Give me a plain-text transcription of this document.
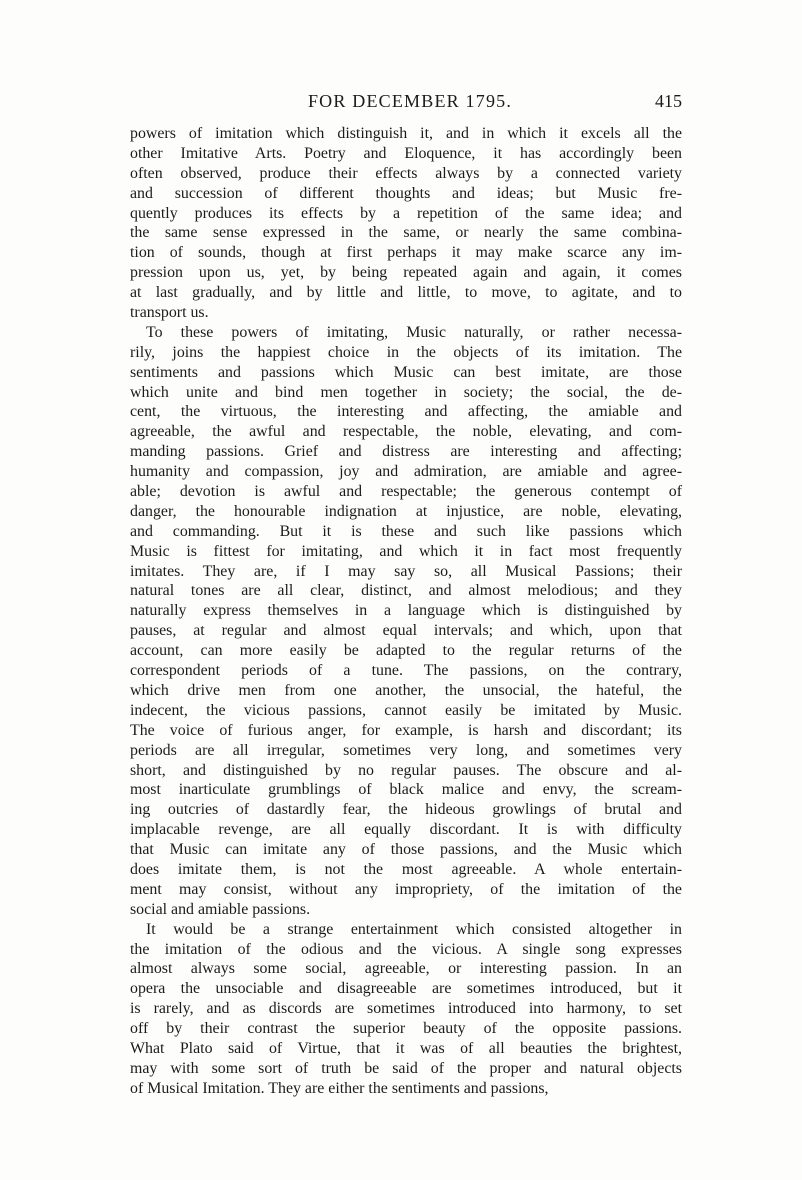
FOR DECEMBER 1795.	415
powers of imitation which distinguish it, and in which it excels all the
other Imitative Arts. Poetry and Eloquence, it has accordingly been
often observed, produce their effects always by a connected variety
and succession of different thoughts and ideas; but Music fre-
quently produces its effects by a repetition of the same idea; and
the same sense expressed in the same, or nearly the same combina-
tion of sounds, though at first perhaps it may make scarce any im-
pression upon us, yet, by being repeated again and again, it comes
at last gradually, and by little and little, to move, to agitate, and to
transport us.
To these powers of imitating, Music naturally, or rather necessa-
rily, joins the happiest choice in the objects of its imitation. The
sentiments and passions which Music can best imitate, are those
which unite and bind men together in society; the social, the de-
cent, the virtuous, the interesting and affecting, the amiable and
agreeable, the awful and respectable, the noble, elevating, and com-
manding passions. Grief and distress are interesting and affecting;
humanity and compassion, joy and admiration, are amiable and agree-
able; devotion is awful and respectable; the generous contempt of
danger, the honourable indignation at injustice, are noble, elevating,
and commanding. But it is these and such like passions which
Music is fittest for imitating, and which it in fact most frequently
imitates. They are, if I may say so, all Musical Passions; their
natural tones are all clear, distinct, and almost melodious; and they
naturally express themselves in a language which is distinguished by
pauses, at regular and almost equal intervals; and which, upon that
account, can more easily be adapted to the regular returns of the
correspondent periods of a tune. The passions, on the contrary,
which drive men from one another, the unsocial, the hateful, the
indecent, the vicious passions, cannot easily be imitated by Music.
The voice of furious anger, for example, is harsh and discordant; its
periods are all irregular, sometimes very long, and sometimes very
short, and distinguished by no regular pauses. The obscure and al-
most inarticulate grumblings of black malice and envy, the scream-
ing outcries of dastardly fear, the hideous growlings of brutal and
implacable revenge, are all equally discordant. It is with difficulty
that Music can imitate any of those passions, and the Music which
does imitate them, is not the most agreeable. A whole entertain-
ment may consist, without any impropriety, of the imitation of the
social and amiable passions.
It would be a strange entertainment which consisted altogether in
the imitation of the odious and the vicious. A single song expresses
almost always some social, agreeable, or interesting passion. In an
opera the unsociable and disagreeable are sometimes introduced, but it
is rarely, and as discords are sometimes introduced into harmony, to set
off by their contrast the superior beauty of the opposite passions.
What Plato said of Virtue, that it was of all beauties the brightest,
may with some sort of truth be said of the proper and natural objects
of Musical Imitation. They are either the sentiments and passions,
